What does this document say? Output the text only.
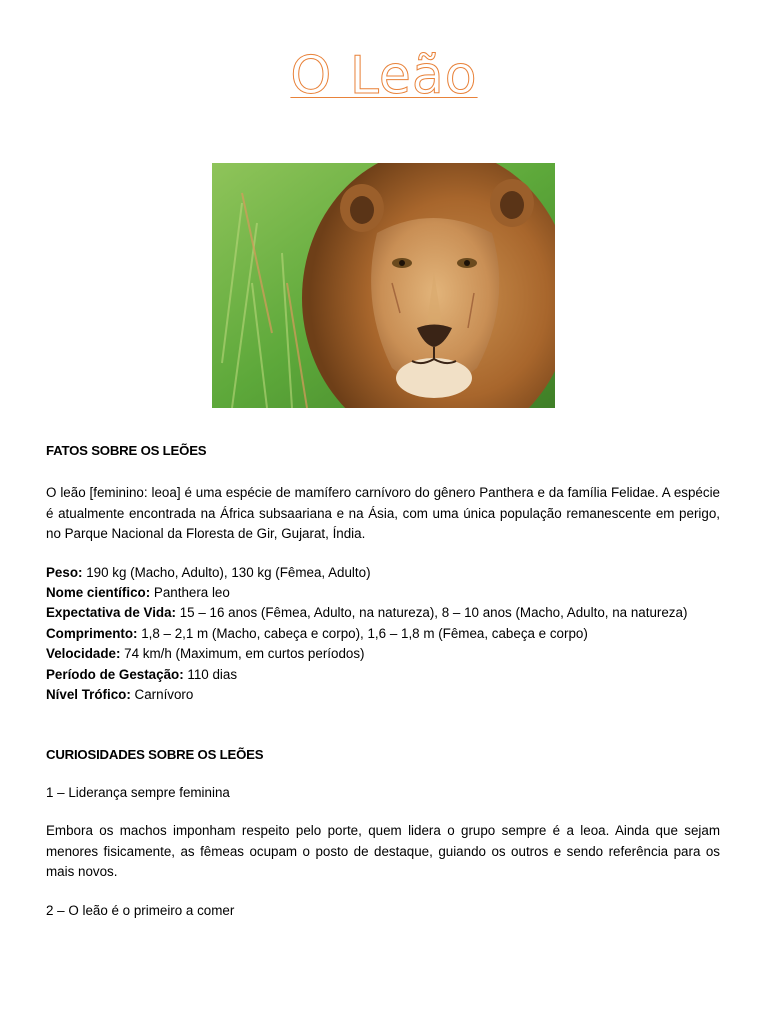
O Leão

FATOS SOBRE OS LEÕES

O leão [feminino: leoa] é uma espécie de mamífero carnívoro do gênero Panthera e da família Felidae. A espécie é atualmente encontrada na África subsaariana e na Ásia, com uma única população remanescente em perigo, no Parque Nacional da Floresta de Gir, Gujarat, Índia.

Peso: 190 kg (Macho, Adulto), 130 kg (Fêmea, Adulto)
Nome científico: Panthera leo
Expectativa de Vida: 15 – 16 anos (Fêmea, Adulto, na natureza), 8 – 10 anos (Macho, Adulto, na natureza)
Comprimento: 1,8 – 2,1 m (Macho, cabeça e corpo), 1,6 – 1,8 m (Fêmea, cabeça e corpo)
Velocidade: 74 km/h (Maximum, em curtos períodos)
Período de Gestação: 110 dias
Nível Trófico: Carnívoro

CURIOSIDADES SOBRE OS LEÕES

1 – Liderança sempre feminina

Embora os machos imponham respeito pelo porte, quem lidera o grupo sempre é a leoa. Ainda que sejam menores fisicamente, as fêmeas ocupam o posto de destaque, guiando os outros e sendo referência para os mais novos.

2 – O leão é o primeiro a comer
